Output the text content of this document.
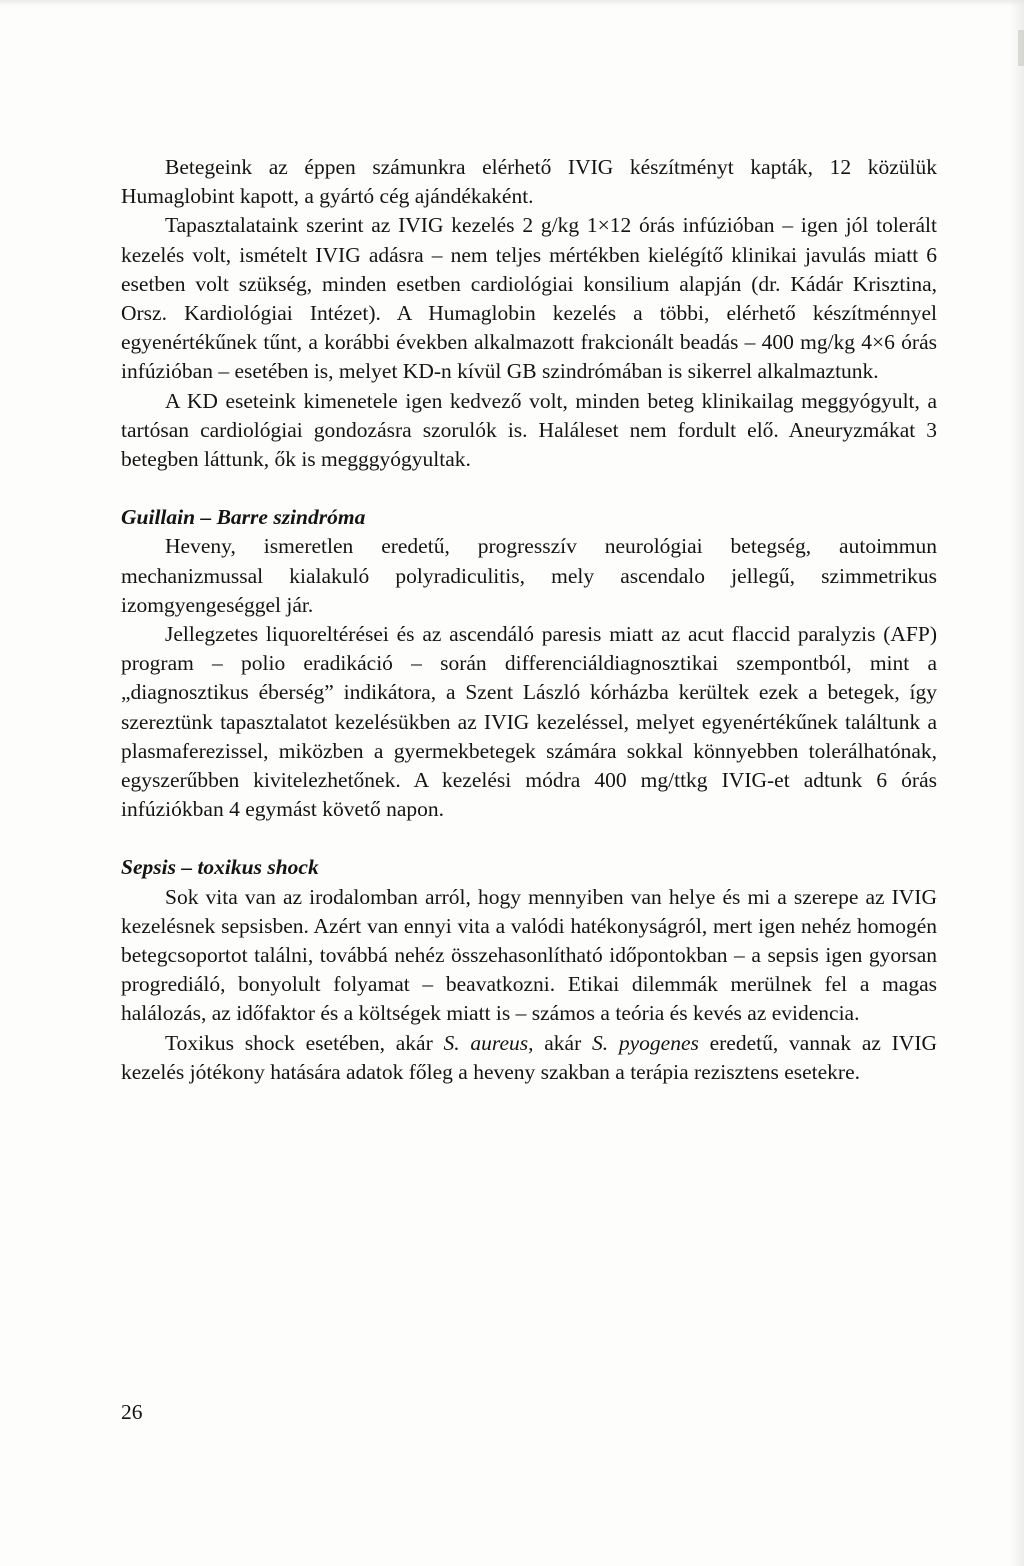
Betegeink az éppen számunkra elérhető IVIG készítményt kapták, 12 közülük Humaglobint kapott, a gyártó cég ajándékaként.

Tapasztalataink szerint az IVIG kezelés 2 g/kg 1×12 órás infúzióban – igen jól tolerált kezelés volt, ismételt IVIG adásra – nem teljes mértékben kielégítő klinikai javulás miatt 6 esetben volt szükség, minden esetben cardiológiai konsilium alapján (dr. Kádár Krisztina, Orsz. Kardiológiai Intézet). A Humaglobin kezelés a többi, elérhető készítménnyel egyenértékűnek tűnt, a korábbi években alkalmazott frakcionált beadás – 400 mg/kg 4×6 órás infúzióban – esetében is, melyet KD-n kívül GB szindrómában is sikerrel alkalmaztunk.

A KD eseteink kimenetele igen kedvező volt, minden beteg klinikailag meggyógyult, a tartósan cardiológiai gondozásra szorulók is. Haláleset nem fordult elő. Aneuryzmákat 3 betegben láttunk, ők is megggyógyultak.

Guillain – Barre szindróma

Heveny, ismeretlen eredetű, progresszív neurológiai betegség, autoimmun mechanizmussal kialakuló polyradiculitis, mely ascendalo jellegű, szimmetrikus izomgyengeséggel jár.

Jellegzetes liquoreltérései és az ascendáló paresis miatt az acut flaccid paralyzis (AFP) program – polio eradikáció – során differenciáldiagnosztikai szempontból, mint a „diagnosztikus éberség” indikátora, a Szent László kórházba kerültek ezek a betegek, így szereztünk tapasztalatot kezelésükben az IVIG kezeléssel, melyet egyenértékűnek találtunk a plasmaferezissel, miközben a gyermekbetegek számára sokkal könnyebben tolerálhatónak, egyszerűbben kivitelezhetőnek. A kezelési módra 400 mg/ttkg IVIG-et adtunk 6 órás infúziókban 4 egymást követő napon.

Sepsis – toxikus shock

Sok vita van az irodalomban arról, hogy mennyiben van helye és mi a szerepe az IVIG kezelésnek sepsisben. Azért van ennyi vita a valódi hatékonyságról, mert igen nehéz homogén betegcsoportot találni, továbbá nehéz összehasonlítható időpontokban – a sepsis igen gyorsan progrediáló, bonyolult folyamat – beavatkozni. Etikai dilemmák merülnek fel a magas halálozás, az időfaktor és a költségek miatt is – számos a teória és kevés az evidencia.

Toxikus shock esetében, akár S. aureus, akár S. pyogenes eredetű, vannak az IVIG kezelés jótékony hatására adatok főleg a heveny szakban a terápia rezisztens esetekre.

26
